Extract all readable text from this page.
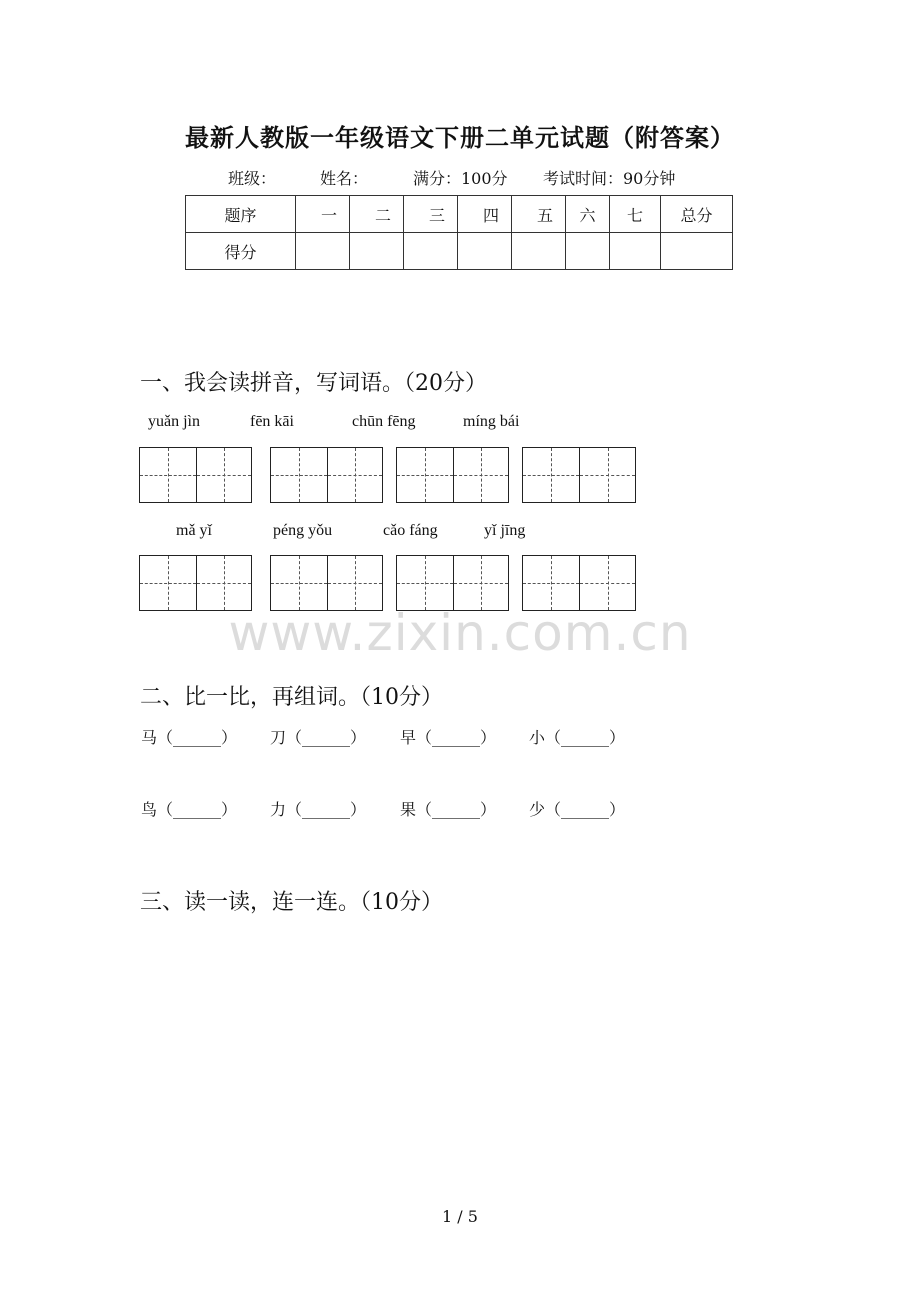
最新人教版一年级语文下册二单元试题（附答案）
班级：	姓名：	满分：100分 考试时间：90分钟
题序	一	二	三	四	五	六	七	总分
得分								
一、我会读拼音，写词语。（20分）
yuǎn jìn	fēn kāi	chūn fēng	míng bái
mǎ yǐ	péng yǒu	cǎo fáng	yǐ jīng
www.zixin.com.cn
二、比一比，再组词。（10分）
马（______） 刀（______） 早（______） 小（______）
鸟（______） 力（______） 果（______） 少（______）
三、读一读，连一连。（10分）
1 / 5
